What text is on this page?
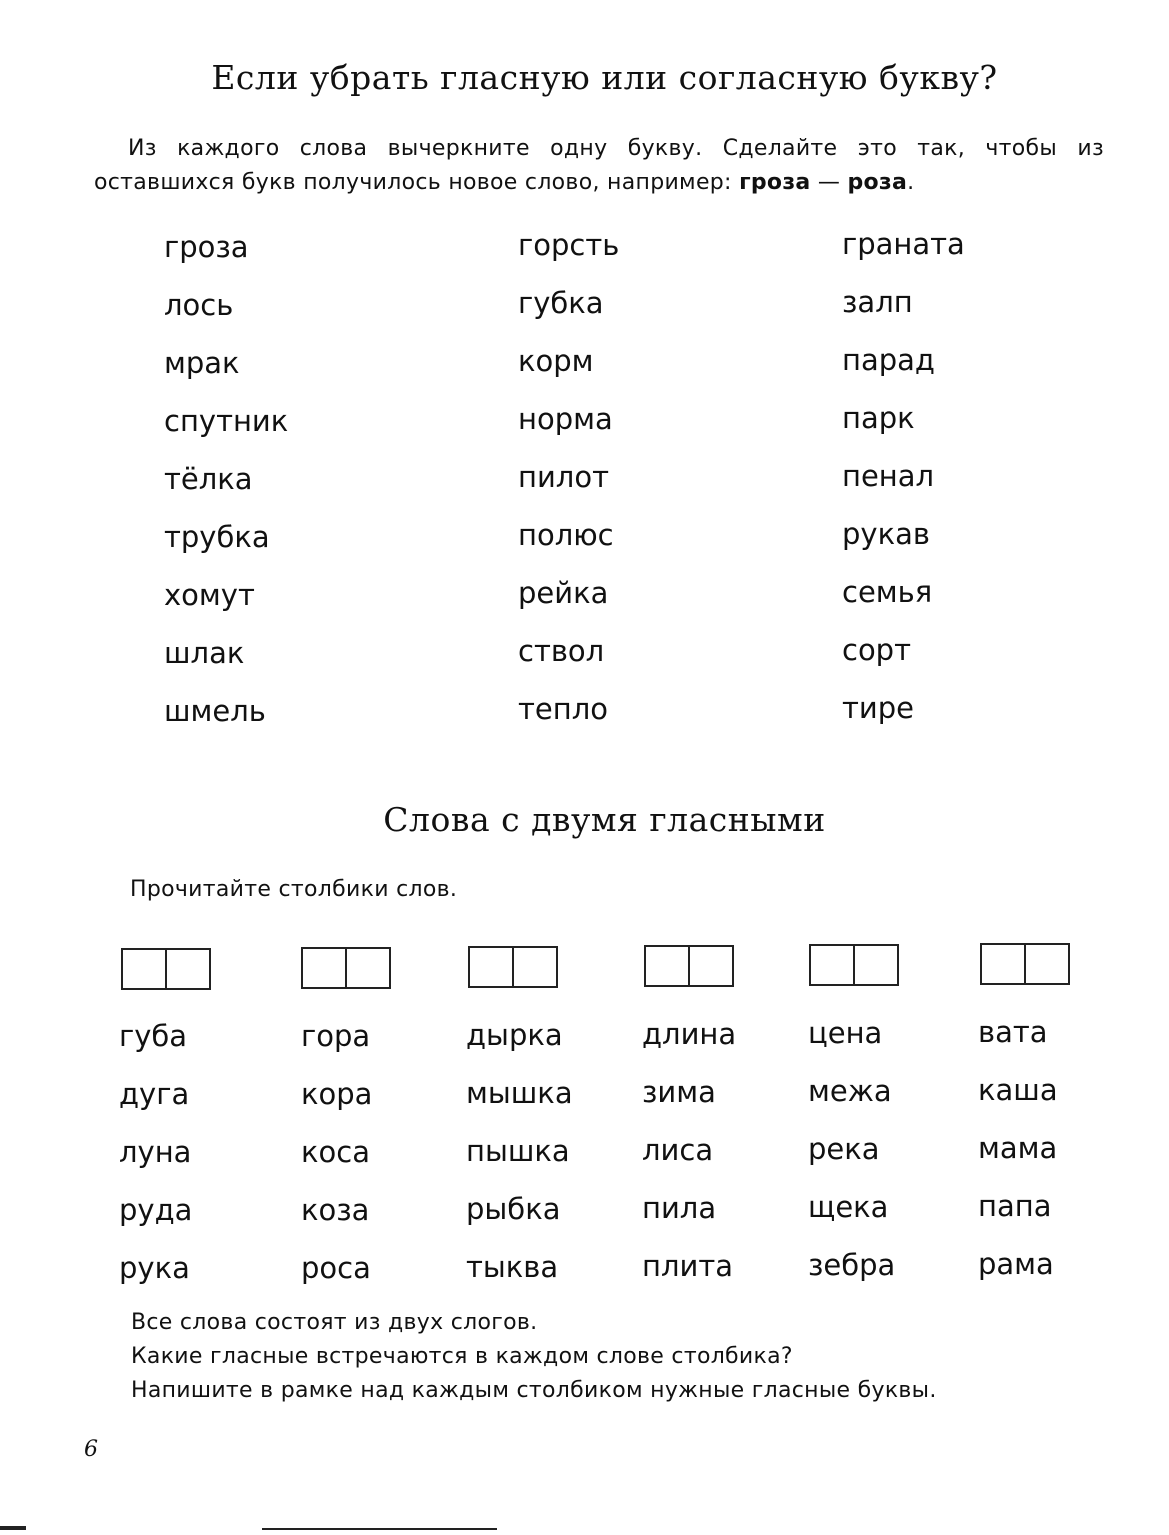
Если убрать гласную или согласную букву?

Из каждого слова вычеркните одну букву. Сделайте это так, чтобы из оставшихся букв получилось новое слово, например: гроза — роза.

гроза
лось
мрак
спутник
тёлка
трубка
хомут
шлак
шмель
горсть
губка
корм
норма
пилот
полюс
рейка
ствол
тепло
граната
залп
парад
парк
пенал
рукав
семья
сорт
тире
Слова с двумя гласными

Прочитайте столбики слов.

губа
дуга
луна
руда
рука
гора
кора
коса
коза
роса
дырка
мышка
пышка
рыбка
тыква
длина
зима
лиса
пила
плита
цена
межа
река
щека
зебра
вата
каша
мама
папа
рама
Все слова состоят из двух слогов.
Какие гласные встречаются в каждом слове столбика?
Напишите в рамке над каждым столбиком нужные гласные буквы.
6
